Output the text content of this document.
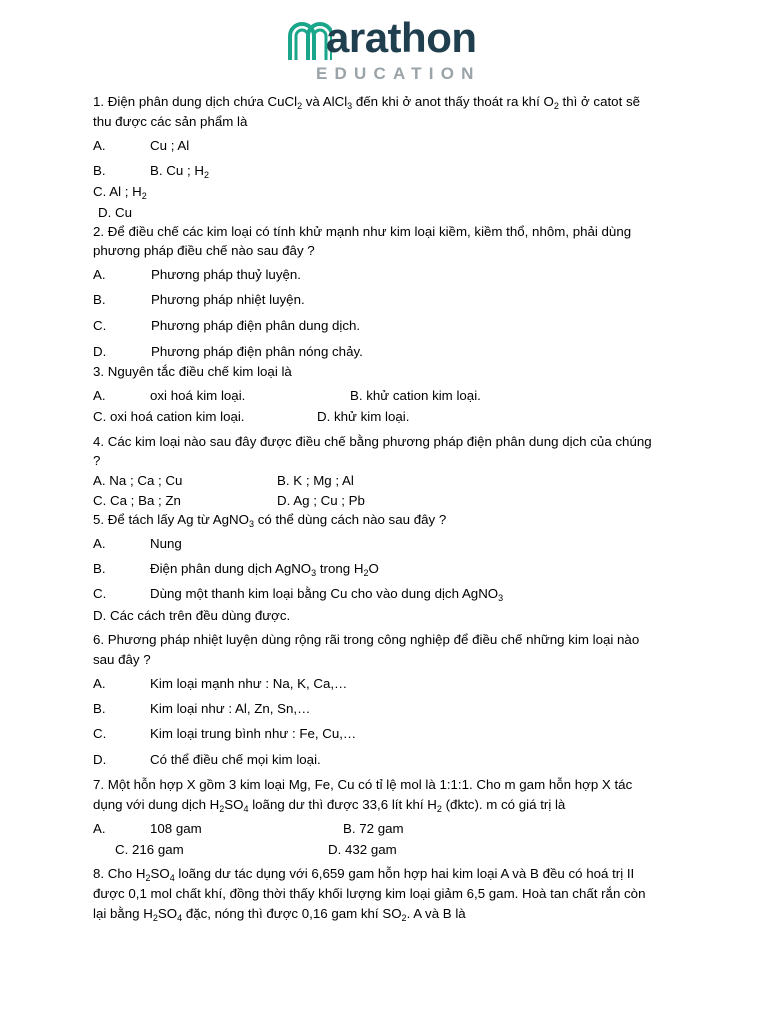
arathon
EDUCATION
1. Điện phân dung dịch chứa CuCl$_2$ và AlCl$_3$ đến khi ở anot thấy thoát ra khí $O_2$ thì ở catot sẽ
thu được các sản phẩm là
A.	Cu ; Al
B.	B. Cu ; $H_2$
C. Al ; $H_2$
D. Cu
2. Để điều chế các kim loại có tính khử mạnh như kim loại kiềm, kiềm thổ, nhôm, phải dùng
phương pháp điều chế nào sau đây ?
A.	Phương pháp thuỷ luyện.
B.	Phương pháp nhiệt luyện.
C.	Phương pháp điện phân dung dịch.
D.	Phương pháp điện phân nóng chảy.
3. Nguyên tắc điều chế kim loại là
A.	oxi hoá kim loại.	B. khử cation kim loại.
C. oxi hoá cation kim loại.	D. khử kim loại.
4. Các kim loại nào sau đây được điều chế bằng phương pháp điện phân dung dịch của chúng
?
A. Na ; Ca ; Cu	B. K ; Mg ; Al
C. Ca ; Ba ; Zn	D. Ag ; Cu ; Pb
5. Để tách lấy Ag từ AgNO$_3$ có thể dùng cách nào sau đây ?
A.	Nung
B.	Điện phân dung dịch AgNO$_3$ trong $H_2O$
C.	Dùng một thanh kim loại bằng Cu cho vào dung dịch AgNO$_3$
D. Các cách trên đều dùng được.
6. Phương pháp nhiệt luyện dùng rộng rãi trong công nghiệp để điều chế những kim loại nào
sau đây ?
A.	Kim loại mạnh như : Na, K, Ca,…
B.	Kim loại như : Al, Zn, Sn,…
C.	Kim loại trung bình như : Fe, Cu,…
D.	Có thể điều chế mọi kim loại.
7. Một hỗn hợp X gồm 3 kim loại Mg, Fe, Cu có tỉ lệ mol là 1:1:1. Cho m gam hỗn hợp X tác
dụng với dung dịch $H_2SO_4$ loãng dư thì được 33,6 lít khí $H_2$ (đktc). m có giá trị là
A.	108 gam	B. 72 gam
C. 216 gam	D. 432 gam
8. Cho $H_2SO_4$ loãng dư tác dụng với 6,659 gam hỗn hợp hai kim loại A và B đều có hoá trị II
được 0,1 mol chất khí, đồng thời thấy khối lượng kim loại giảm 6,5 gam. Hoà tan chất rắn còn
lại bằng $H_2SO_4$ đặc, nóng thì được 0,16 gam khí $SO_2$. A và B là
